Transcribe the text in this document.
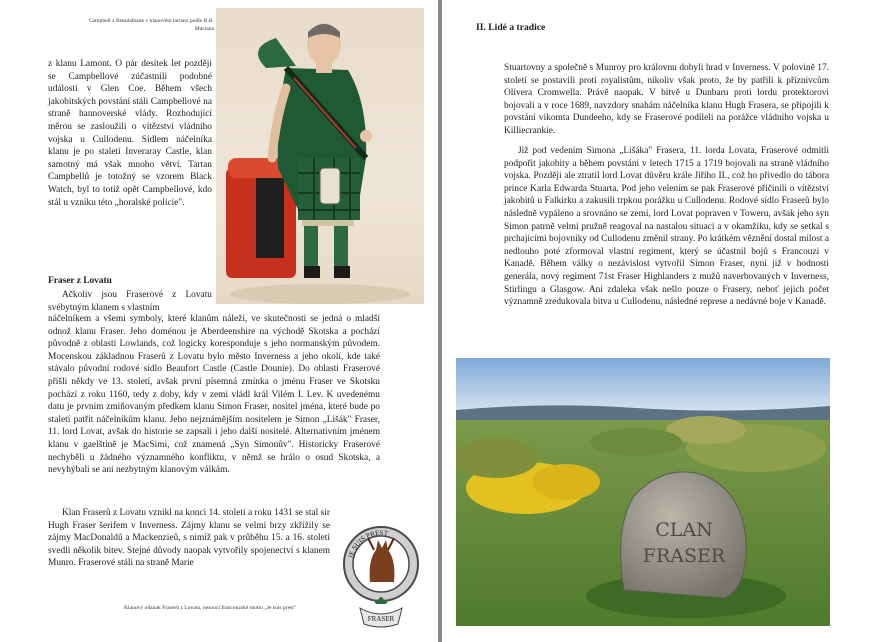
Campbell z Breadalbane v klanovém tartanu podle R.R. Maclana

z klanu Lamont. O pár desítek let později se Campbellové zúčastnili podobné události v Glen Coe. Během všech jakobitských povstání stáli Campbellové na straně hannoverské vlády. Rozhodující měrou se zasloužili o vítězství vládního vojska u Cullodenu. Sídlem náčelníka klanu je po staletí Inveraray Castle, klan samotný má však mnoho větví. Tartan Campbellů je totožný se vzorem Black Watch, byl to totiž opět Campbellové, kdo stál u vzniku této „horalské policie".

Fraser z Lovatu

Ačkoliv jsou Fraserové z Lovatu svébytným klanem s vlastním

náčelníkem a všemi symboly, které klanům náleží, ve skutečnosti se jedná o mladší odnož klanu Fraser. Jeho doménou je Aberdeenshire na východě Skotska a pochází původně z oblasti Lowlands, což logicky koresponduje s jeho normanským původem. Mocenskou základnou Fraserů z Lovatu bylo město Inverness a jeho okolí, kde také stávalo původní rodové sídlo Beaufort Castle (Castle Dounie). Do oblasti Fraserové přišli někdy ve 13. století, avšak první písemná zmínka o jménu Fraser ve Skotsku pochází z roku 1160, tedy z doby, kdy v zemi vládl král Vilém I. Lev. K uvedenému datu je prvním zmiňovaným předkem klanu Simon Fraser, nositel jména, které bude po staletí patřit náčelníkům klanu. Jeho nejznámějším nositelem je Simon „Lišák" Fraser, 11. lord Lovat, avšak do historie se zapsali i jeho další nositelé. Alternativním jménem klanu v gaelštině je MacSimi, což znamená „Syn Simonův". Historicky Fraserové nechyběli u žádného významného konfliktu, v němž se hrálo o osud Skotska, a nevyhýbali se ani nezbytným klanovým válkám.

Klan Fraserů z Lovatu vznikl na konci 14. století a roku 1431 se stal sir Hugh Fraser šerifem v Inverness. Zájmy klanu se velmi brzy zkřížily se zájmy MacDonaldů a Mackenzieů, s nimiž pak v průběhu 15. a 16. století svedli několik bitev. Stejné důvody naopak vytvořily spojenectví s klanem Munro. Fraserové stáli na straně Marie

JE SUIS PREST
FRASER
Klanový odznak Fraserů z Lovatu, nesoucí francouzské motto „Je suis prest"
II. Lidé a tradice

Stuartovny a společně s Munroy pro královnu dobyli hrad v Inverness. V polovině 17. století se postavili proti royalistům, nikoliv však proto, že by patřili k příznivcům Olivera Cromwella. Právě naopak. V bitvě u Dunbaru proti lordu protektorovi bojovali a v roce 1689, navzdory snahám náčelníka klanu Hugh Frasera, se připojili k povstání vikomta Dundeeho, kdy se Fraserové podíleli na porážce vládního vojska u Killiecrankie.

Již pod vedením Simona „Lišáka" Frasera, 11. lorda Lovata, Fraserové odmítli podpořit jakobity a během povstání v letech 1715 a 1719 bojovali na straně vládního vojska. Později ale ztratil lord Lovat důvěru krále Jiřího II., což ho přivedlo do tábora prince Karla Edwarda Stuarta. Pod jeho velením se pak Fraserové přičinili o vítězství jakobitů u Falkirku a zakusili trpkou porážku u Cullodenu. Rodové sídlo Fraserů bylo následně vypáleno a srovnáno se zemí, lord Lovat popraven v Toweru, avšak jeho syn Simon patrně velmi pružně reagoval na nastalou situaci a v okamžiku, kdy se setkal s prchajícími bojovníky od Cullodenu změnil strany. Po krátkém věznění dostal milost a nedlouho poté zformoval vlastní regiment, který se účastnil bojů s Francouzi v Kanadě. Během války o nezávislost vytvořil Simon Fraser, nyní již v hodnosti generála, nový regiment 71st Fraser Highlanders z mužů naverbovaných v Inverness, Stirlingu a Glasgow. Ani zdaleka však nešlo pouze o Frasery, neboť jejich počet významně zredukovala bitva u Cullodenu, následné represe a nedávné boje v Kanadě.

CLAN
FRASER
